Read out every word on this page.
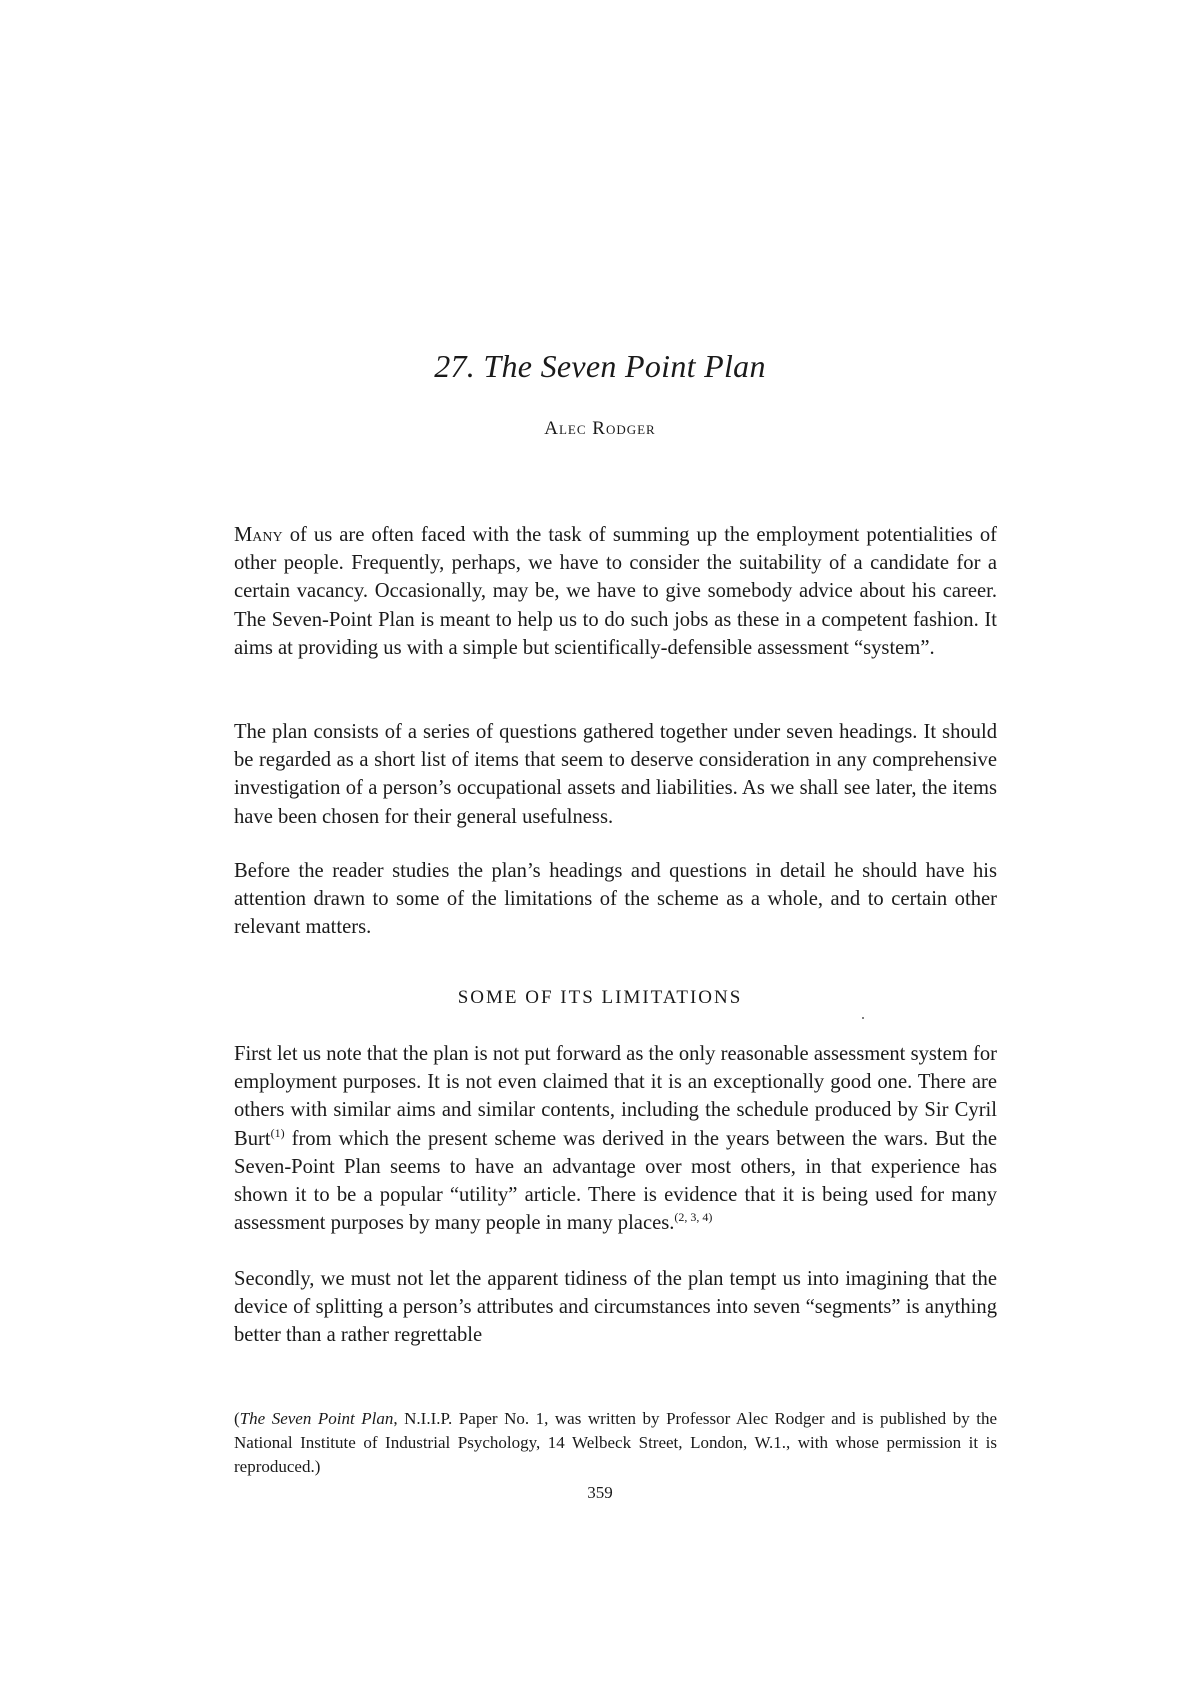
27. The Seven Point Plan

Alec Rodger

Many of us are often faced with the task of summing up the employment potentialities of other people. Frequently, perhaps, we have to consider the suitability of a candidate for a certain vacancy. Occasionally, may be, we have to give somebody advice about his career. The Seven-Point Plan is meant to help us to do such jobs as these in a competent fashion. It aims at providing us with a simple but scientifically-defensible assessment “system”.

The plan consists of a series of questions gathered together under seven headings. It should be regarded as a short list of items that seem to deserve consideration in any comprehensive investigation of a person’s occupational assets and liabilities. As we shall see later, the items have been chosen for their general usefulness.

Before the reader studies the plan’s headings and questions in detail he should have his attention drawn to some of the limitations of the scheme as a whole, and to certain other relevant matters.

SOME OF ITS LIMITATIONS

First let us note that the plan is not put forward as the only reasonable assessment system for employment purposes. It is not even claimed that it is an exceptionally good one. There are others with similar aims and similar contents, including the schedule produced by Sir Cyril Burt$^{(1)}$ from which the present scheme was derived in the years between the wars. But the Seven-Point Plan seems to have an advantage over most others, in that experience has shown it to be a popular “utility” article. There is evidence that it is being used for many assessment purposes by many people in many places.$^{(2, 3, 4)}$

Secondly, we must not let the apparent tidiness of the plan tempt us into imagining that the device of splitting a person’s attributes and circumstances into seven “segments” is anything better than a rather regrettable

(The Seven Point Plan, N.I.I.P. Paper No. 1, was written by Professor Alec Rodger and is published by the National Institute of Industrial Psychology, 14 Welbeck Street, London, W.1., with whose permission it is reproduced.)

359
